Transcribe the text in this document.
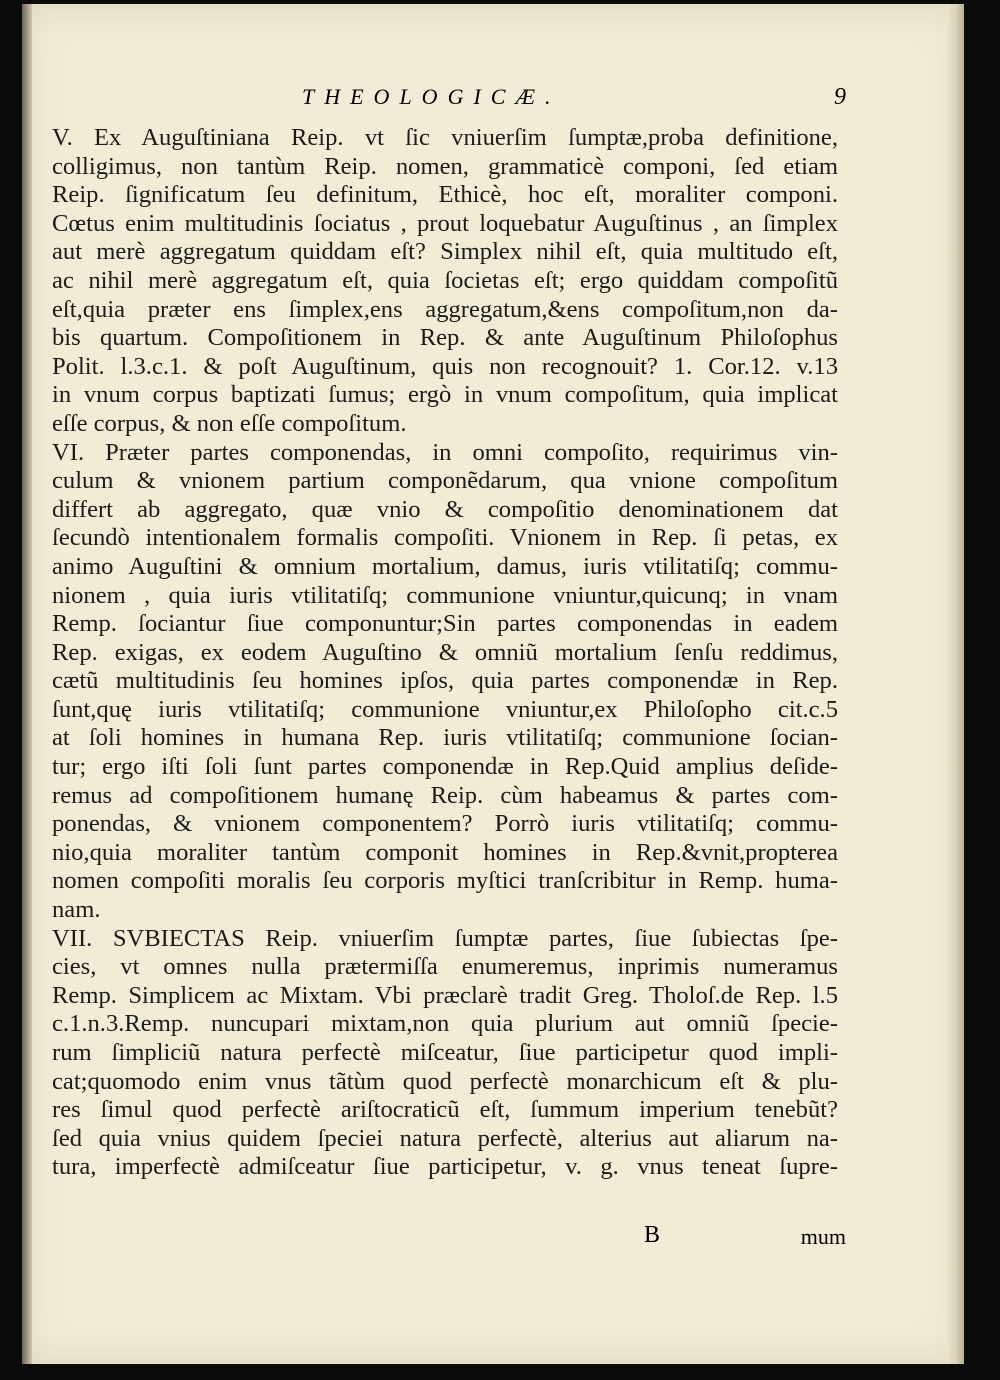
THEOLOGICÆ.	9
V. Ex Auguſtiniana Reip. vt ſic vniuerſim ſumptæ,proba definitione,
colligimus, non tantùm Reip. nomen, grammaticè componi, ſed etiam
Reip. ſignificatum ſeu definitum, Ethicè, hoc eſt, moraliter componi.
Cœtus enim multitudinis ſociatus , prout loquebatur Auguſtinus , an ſimplex
aut merè aggregatum quiddam eſt? Simplex nihil eſt, quia multitudo eſt,
ac nihil merè aggregatum eſt, quia ſocietas eſt; ergo quiddam compoſitũ
eſt,quia præter ens ſimplex,ens aggregatum,&ens compoſitum,non da-
bis quartum. Compoſitionem in Rep. & ante Auguſtinum Philoſophus
Polit. l.3.c.1. & poſt Auguſtinum, quis non recognouit? 1. Cor.12. v.13
in vnum corpus baptizati ſumus; ergò in vnum compoſitum, quia implicat
eſſe corpus, & non eſſe compoſitum.
VI. Præter partes componendas, in omni compoſito, requirimus vin-
culum & vnionem partium componẽdarum, qua vnione compoſitum
differt ab aggregato, quæ vnio & compoſitio denominationem dat
ſecundò intentionalem formalis compoſiti. Vnionem in Rep. ſi petas, ex
animo Auguſtini & omnium mortalium, damus, iuris vtilitatiſq; commu-
nionem , quia iuris vtilitatiſq; communione vniuntur,quicunq; in vnam
Remp. ſociantur ſiue componuntur;Sin partes componendas in eadem
Rep. exigas, ex eodem Auguſtino & omniũ mortalium ſenſu reddimus,
cætũ multitudinis ſeu homines ipſos, quia partes componendæ in Rep.
ſunt,quę iuris vtilitatiſq; communione vniuntur,ex Philoſopho cit.c.5
at ſoli homines in humana Rep. iuris vtilitatiſq; communione ſocian-
tur; ergo iſti ſoli ſunt partes componendæ in Rep.Quid amplius deſide-
remus ad compoſitionem humanę Reip. cùm habeamus & partes com-
ponendas, & vnionem componentem? Porrò iuris vtilitatiſq; commu-
nio,quia moraliter tantùm componit homines in Rep.&vnit,propterea
nomen compoſiti moralis ſeu corporis myſtici tranſcribitur in Remp. huma-
nam.
VII. SVBIECTAS Reip. vniuerſim ſumptæ partes, ſiue ſubiectas ſpe-
cies, vt omnes nulla prætermiſſa enumeremus, inprimis numeramus
Remp. Simplicem ac Mixtam. Vbi præclarè tradit Greg. Tholoſ.de Rep. l.5
c.1.n.3.Remp. nuncupari mixtam,non quia plurium aut omniũ ſpecie-
rum ſimpliciũ natura perfectè miſceatur, ſiue participetur quod impli-
cat;quomodo enim vnus tãtùm quod perfectè monarchicum eſt & plu-
res ſimul quod perfectè ariſtocraticũ eſt, ſummum imperium tenebũt?
ſed quia vnius quidem ſpeciei natura perfectè, alterius aut aliarum na-
tura, imperfectè admiſceatur ſiue participetur, v. g. vnus teneat ſupre-
B	mum
